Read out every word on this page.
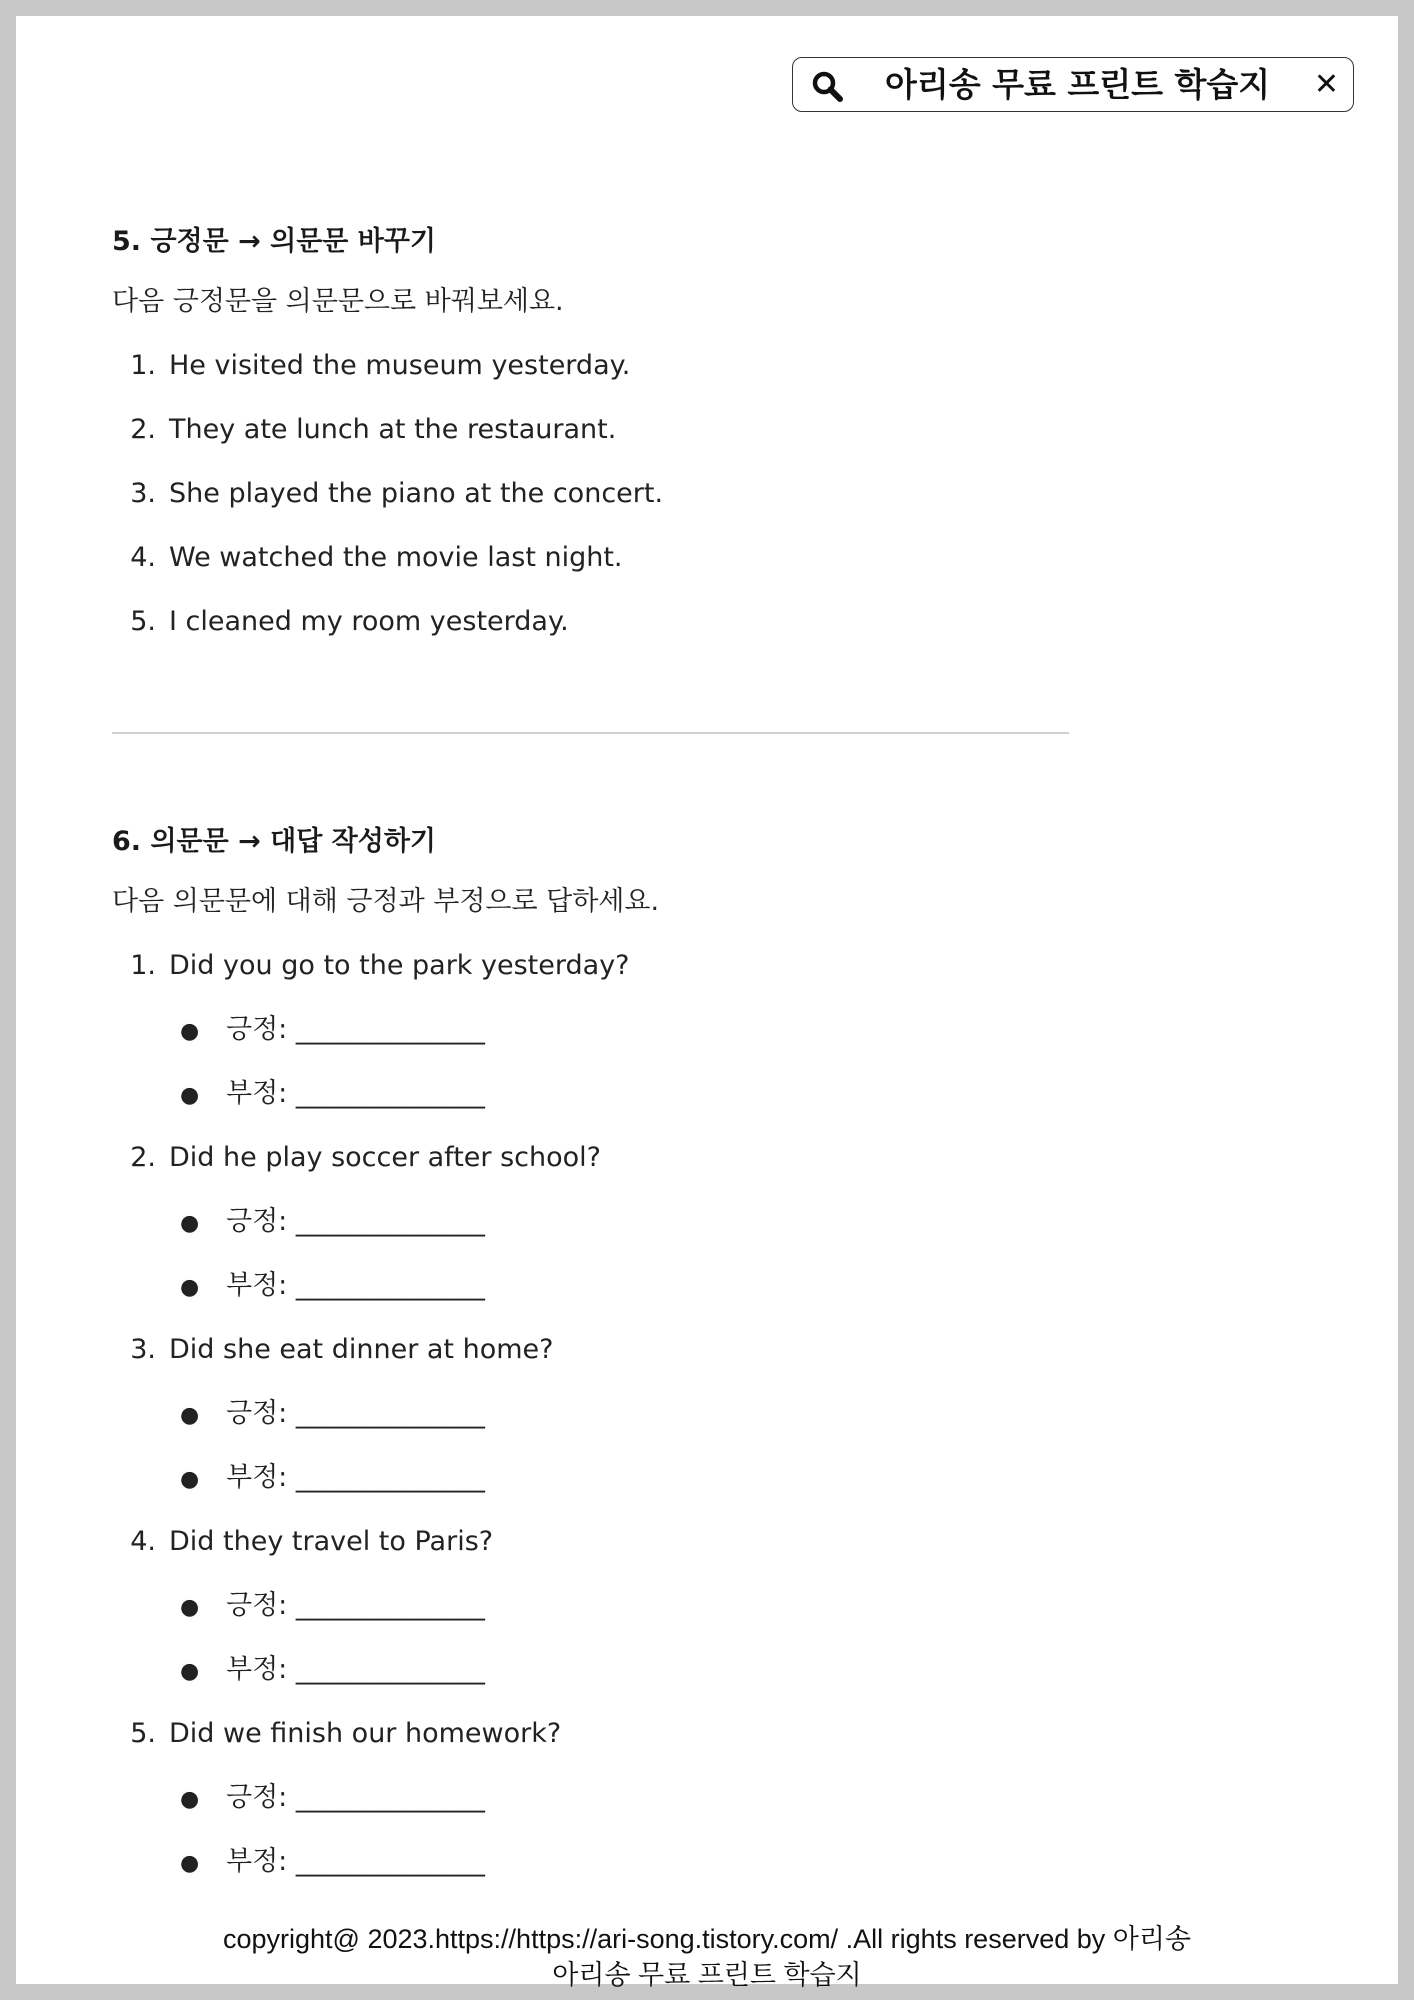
아리송 무료 프린트 학습지 ✕
5. 긍정문 → 의문문 바꾸기
다음 긍정문을 의문문으로 바꿔보세요.
1. He visited the museum yesterday.
2. They ate lunch at the restaurant.
3. She played the piano at the concert.
4. We watched the movie last night.
5. I cleaned my room yesterday.
6. 의문문 → 대답 작성하기
다음 의문문에 대해 긍정과 부정으로 답하세요.
1. Did you go to the park yesterday?
● 긍정: ______________
● 부정: ______________
2. Did he play soccer after school?
● 긍정: ______________
● 부정: ______________
3. Did she eat dinner at home?
● 긍정: ______________
● 부정: ______________
4. Did they travel to Paris?
● 긍정: ______________
● 부정: ______________
5. Did we finish our homework?
● 긍정: ______________
● 부정: ______________
copyright@ 2023.https://https://ari-song.tistory.com/ .All rights reserved by 아리송
아리송 무료 프린트 학습지
